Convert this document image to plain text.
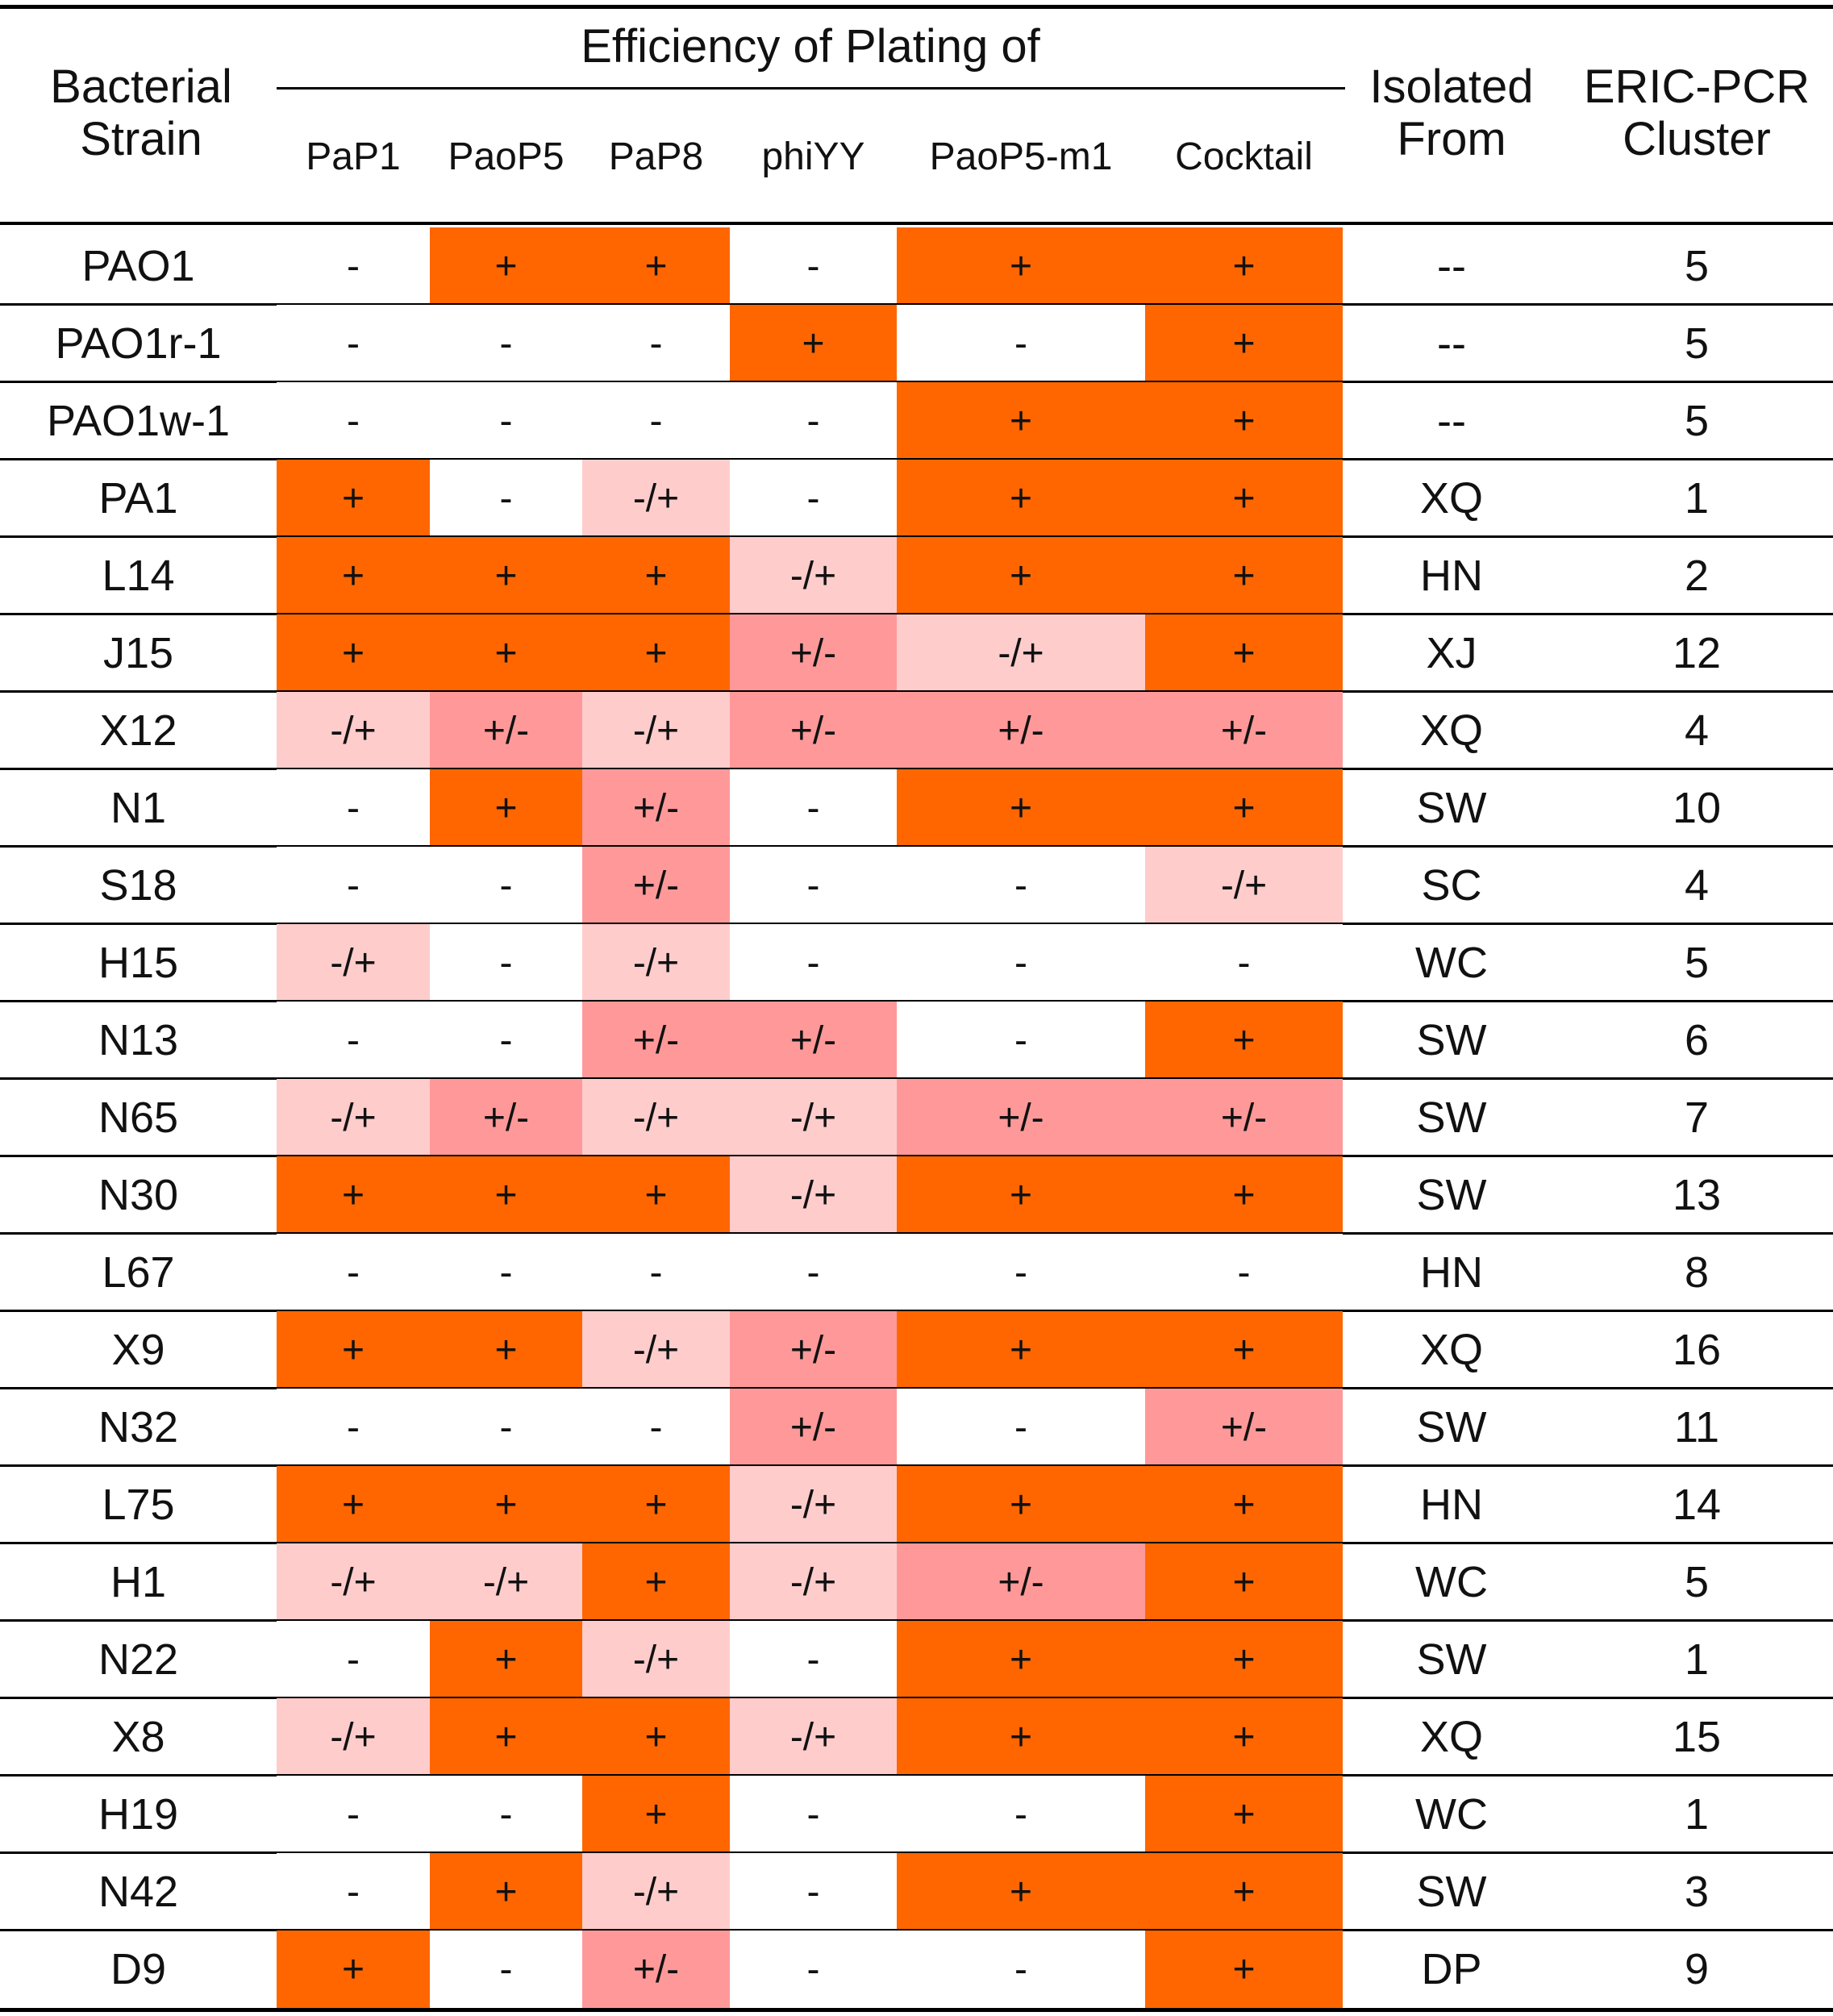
Bacterial
Strain
Efficiency of Plating of
Isolated
From
ERIC-PCR
Cluster
PaP1	PaoP5	PaP8	phiYY	PaoP5-m1	Cocktail
PAO1	-	+	+	-	+	+	--	5
PAO1r-1	-	-	-	+	-	+	--	5
PAO1w-1	-	-	-	-	+	+	--	5
PA1	+	-	-/+	-	+	+	XQ	1
L14	+	+	+	-/+	+	+	HN	2
J15	+	+	+	+/-	-/+	+	XJ	12
X12	-/+	+/-	-/+	+/-	+/-	+/-	XQ	4
N1	-	+	+/-	-	+	+	SW	10
S18	-	-	+/-	-	-	-/+	SC	4
H15	-/+	-	-/+	-	-	-	WC	5
N13	-	-	+/-	+/-	-	+	SW	6
N65	-/+	+/-	-/+	-/+	+/-	+/-	SW	7
N30	+	+	+	-/+	+	+	SW	13
L67	-	-	-	-	-	-	HN	8
X9	+	+	-/+	+/-	+	+	XQ	16
N32	-	-	-	+/-	-	+/-	SW	11
L75	+	+	+	-/+	+	+	HN	14
H1	-/+	-/+	+	-/+	+/-	+	WC	5
N22	-	+	-/+	-	+	+	SW	1
X8	-/+	+	+	-/+	+	+	XQ	15
H19	-	-	+	-	-	+	WC	1
N42	-	+	-/+	-	+	+	SW	3
D9	+	-	+/-	-	-	+	DP	9
